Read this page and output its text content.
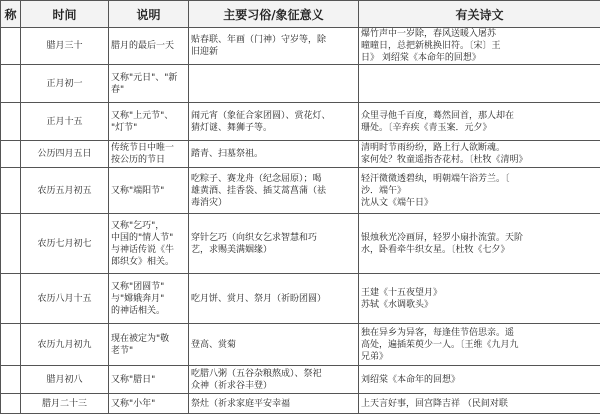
称	时间	说明	主要习俗/象征意义	有关诗文

	腊月三十	腊月的最后一天	贴春联、年画（门神）守岁等，除
旧迎新	爆竹声中一岁除，春风送暖入屠苏
曈曈日，总把新桃换旧符。〔宋〕王
日》 刘绍棠《本命年的回想》

	正月初一	又称"元日"、"新
春"		

	正月十五	又称"上元节"、
"灯节"	闹元宵（象征合家团圆）、赏花灯、
猜灯谜、舞狮子等。	众里寻他千百度，蓦然回首，那人却在
珊处。〔辛弃疾《青玉案．元夕》

	公历四月五日	传统节日中唯一
按公历的节日	踏青、扫墓祭祖。	清明时节雨纷纷，路上行人欲断魂。
家何处？牧童遥指杏花村。〔杜牧《清明》

	农历五月初五	又称"端阳节"	吃粽子、赛龙舟（纪念屈原）；喝
雄黄酒、挂香袋、插艾蒿菖蒲（祛
毒消灾）	轻汗微微透碧纨，明朝端午浴芳兰。〔
沙．端午》
沈从文《端午日》

	农历七月初七	又称"乞巧"，
中国的"情人节"
与神话传说《牛
郎织女》相关。	穿针乞巧（向织女乞求智慧和巧
艺，求赐美满姻缘）	银烛秋光冷画屏，轻罗小扇扑流萤。天阶
水，卧看牵牛织女星。〔杜牧《七夕》

	农历八月十五	又称"团圆节"
与"嫦娥奔月"
的神话相关。	吃月饼、赏月、祭月（祈盼团圆）	王建《十五夜望月》
苏轼《水调歌头》

	农历九月初九	现在被定为"敬
老节"	登高、赏菊	独在异乡为异客，每逢佳节倍思亲。遥
高处，遍插茱萸少一人。〔王维《九月九
兄弟》

	腊月初八	又称"腊日"	吃腊八粥（五谷杂粮熬成）、祭祀
众神（祈求谷丰登）	刘绍棠《本命年的回想》

	腊月二十三	又称"小年"	祭灶（祈求家庭平安幸福	上天言好事，回宫降吉祥 （民间对联
